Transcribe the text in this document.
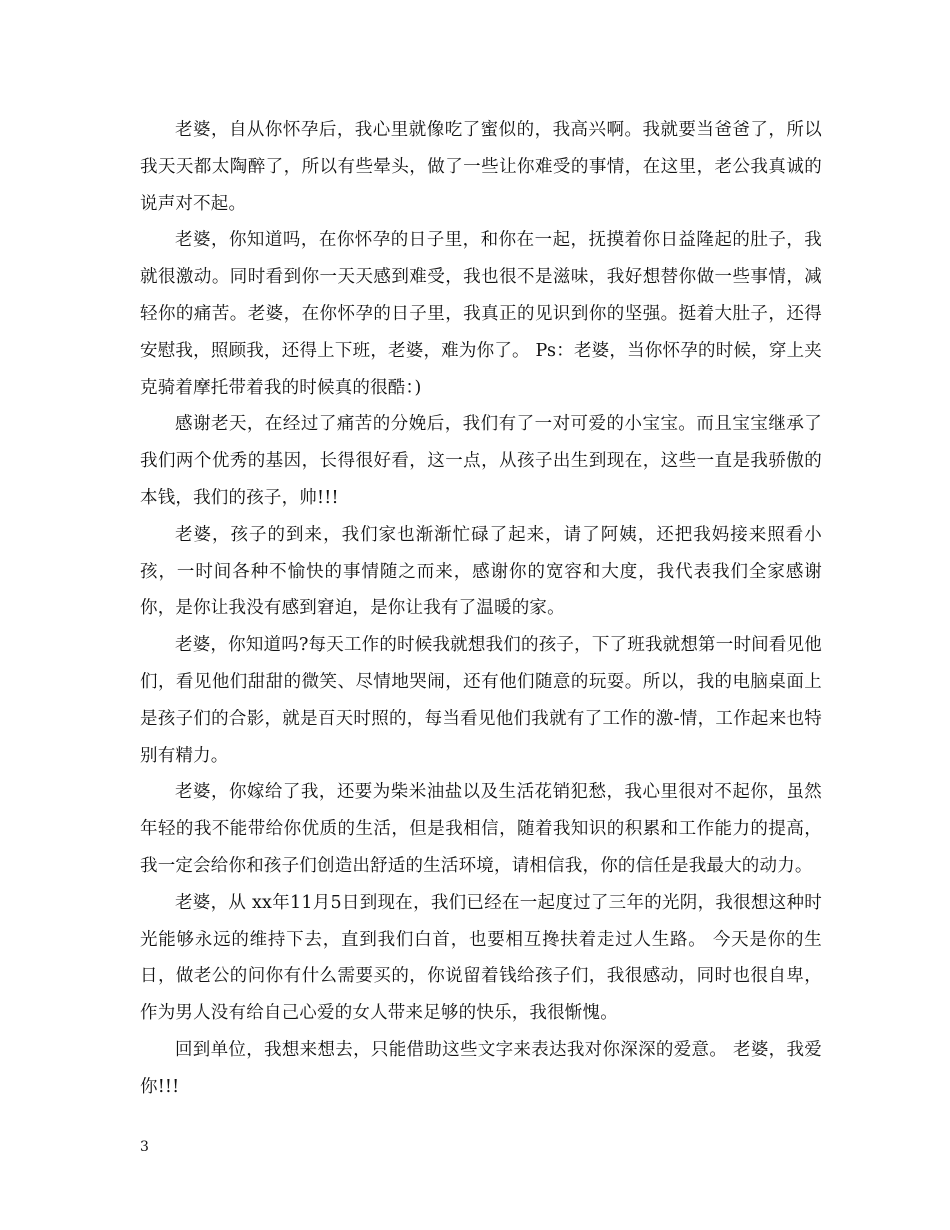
老婆，自从你怀孕后，我心里就像吃了蜜似的，我高兴啊。我就要当爸爸了，所以我天天都太陶醉了，所以有些晕头，做了一些让你难受的事情，在这里，老公我真诚的说声对不起。

老婆，你知道吗，在你怀孕的日子里，和你在一起，抚摸着你日益隆起的肚子，我就很激动。同时看到你一天天感到难受，我也很不是滋味，我好想替你做一些事情，减轻你的痛苦。老婆，在你怀孕的日子里，我真正的见识到你的坚强。挺着大肚子，还得安慰我，照顾我，还得上下班，老婆，难为你了。 Ps：老婆，当你怀孕的时候，穿上夹克骑着摩托带着我的时候真的很酷：)

感谢老天，在经过了痛苦的分娩后，我们有了一对可爱的小宝宝。而且宝宝继承了我们两个优秀的基因，长得很好看，这一点，从孩子出生到现在，这些一直是我骄傲的本钱，我们的孩子，帅!!!

老婆，孩子的到来，我们家也渐渐忙碌了起来，请了阿姨，还把我妈接来照看小孩，一时间各种不愉快的事情随之而来，感谢你的宽容和大度，我代表我们全家感谢你，是你让我没有感到窘迫，是你让我有了温暖的家。

老婆，你知道吗?每天工作的时候我就想我们的孩子，下了班我就想第一时间看见他们，看见他们甜甜的微笑、尽情地哭闹，还有他们随意的玩耍。所以，我的电脑桌面上是孩子们的合影，就是百天时照的，每当看见他们我就有了工作的激-情，工作起来也特别有精力。

老婆，你嫁给了我，还要为柴米油盐以及生活花销犯愁，我心里很对不起你，虽然年轻的我不能带给你优质的生活，但是我相信，随着我知识的积累和工作能力的提高，我一定会给你和孩子们创造出舒适的生活环境，请相信我，你的信任是我最大的动力。

老婆，从 xx年11月5日到现在，我们已经在一起度过了三年的光阴，我很想这种时光能够永远的维持下去，直到我们白首，也要相互搀扶着走过人生路。 今天是你的生日，做老公的问你有什么需要买的，你说留着钱给孩子们，我很感动，同时也很自卑，作为男人没有给自己心爱的女人带来足够的快乐，我很惭愧。

回到单位，我想来想去，只能借助这些文字来表达我对你深深的爱意。 老婆，我爱你!!!

3
